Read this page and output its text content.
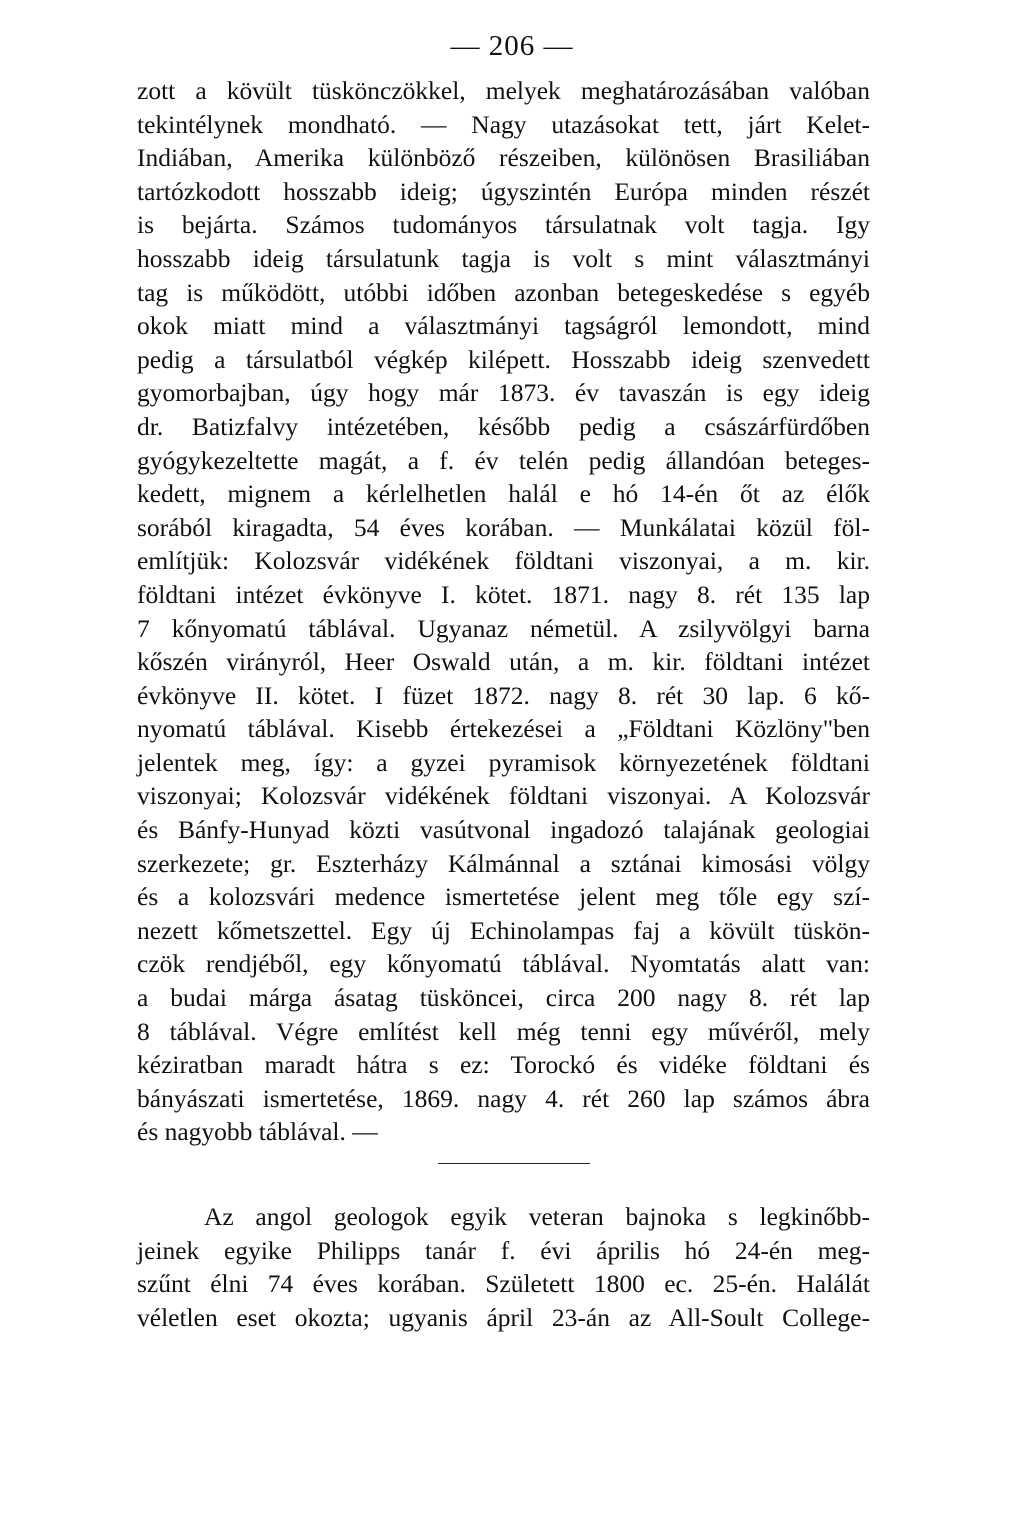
— 206 —
zott a kövült tüskönczökkel, melyek meghatározásában valóban
tekintélynek mondható. — Nagy utazásokat tett, járt Kelet-
Indiában, Amerika különböző részeiben, különösen Brasiliában
tartózkodott hosszabb ideig; úgyszintén Európa minden részét
is bejárta. Számos tudományos társulatnak volt tagja. Igy
hosszabb ideig társulatunk tagja is volt s mint választmányi
tag is működött, utóbbi időben azonban betegeskedése s egyéb
okok miatt mind a választmányi tagságról lemondott, mind
pedig a társulatból végkép kilépett. Hosszabb ideig szenvedett
gyomorbajban, úgy hogy már 1873. év tavaszán is egy ideig
dr. Batizfalvy intézetében, később pedig a császárfürdőben
gyógykezeltette magát, a f. év telén pedig állandóan beteges-
kedett, mignem a kérlelhetlen halál e hó 14-én őt az élők
sorából kiragadta, 54 éves korában. — Munkálatai közül föl-
említjük: Kolozsvár vidékének földtani viszonyai, a m. kir.
földtani intézet évkönyve I. kötet. 1871. nagy 8. rét 135 lap
7 kőnyomatú táblával. Ugyanaz németül. A zsilyvölgyi barna
kőszén virányról, Heer Oswald után, a m. kir. földtani intézet
évkönyve II. kötet. I füzet 1872. nagy 8. rét 30 lap. 6 kő-
nyomatú táblával. Kisebb értekezései a „Földtani Közlöny"ben
jelentek meg, így: a gyzei pyramisok környezetének földtani
viszonyai; Kolozsvár vidékének földtani viszonyai. A Kolozsvár
és Bánfy-Hunyad közti vasútvonal ingadozó talajának geologiai
szerkezete; gr. Eszterházy Kálmánnal a sztánai kimosási völgy
és a kolozsvári medence ismertetése jelent meg tőle egy szí-
nezett kőmetszettel. Egy új Echinolampas faj a kövült tüskön-
czök rendjéből, egy kőnyomatú táblával. Nyomtatás alatt van:
a budai márga ásatag tüsköncei, circa 200 nagy 8. rét lap
8 táblával. Végre említést kell még tenni egy művéről, mely
kéziratban maradt hátra s ez: Torockó és vidéke földtani és
bányászati ismertetése, 1869. nagy 4. rét 260 lap számos ábra
és nagyobb táblával. —
Az angol geologok egyik veteran bajnoka s legkinőbb-
jeinek egyike Philipps tanár f. évi április hó 24-én meg-
szűnt élni 74 éves korában. Született 1800 ec. 25-én. Halálát
véletlen eset okozta; ugyanis ápril 23-án az All-Soult College-
